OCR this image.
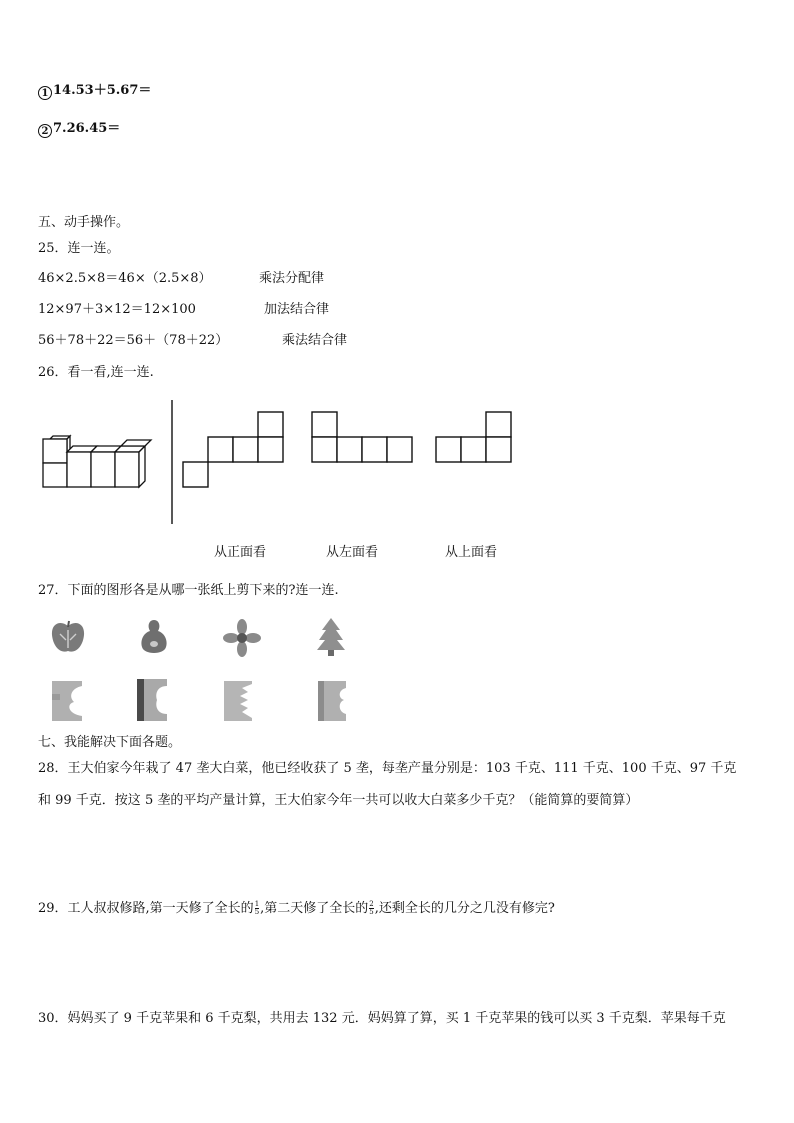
1 14.53＋5.67＝
2 7.26.45＝
五、动手操作。
25．连一连。
46×2.5×8＝46×（2.5×8）
12×97＋3×12＝12×100
56＋78＋22＝56＋（78＋22）
乘法分配律
加法结合律
乘法结合律
26．看一看,连一连.
从正面看	从左面看	从上面看
27．下面的图形各是从哪一张纸上剪下来的?连一连.
七、我能解决下面各题。
28．王大伯家今年栽了 47 垄大白菜，他已经收获了 5 垄，每垄产量分别是：103 千克、111 千克、100 千克、97 千克
和 99 千克．按这 5 垄的平均产量计算，王大伯家今年一共可以收大白菜多少千克？（能简算的要简算）
29．工人叔叔修路,第一天修了全长的 $\frac{1}{5}$ ,第二天修了全长的 $\frac{2}{5}$ ,还剩全长的几分之几没有修完?
30．妈妈买了 9 千克苹果和 6 千克梨，共用去 132 元．妈妈算了算，买 1 千克苹果的钱可以买 3 千克梨．苹果每千克
